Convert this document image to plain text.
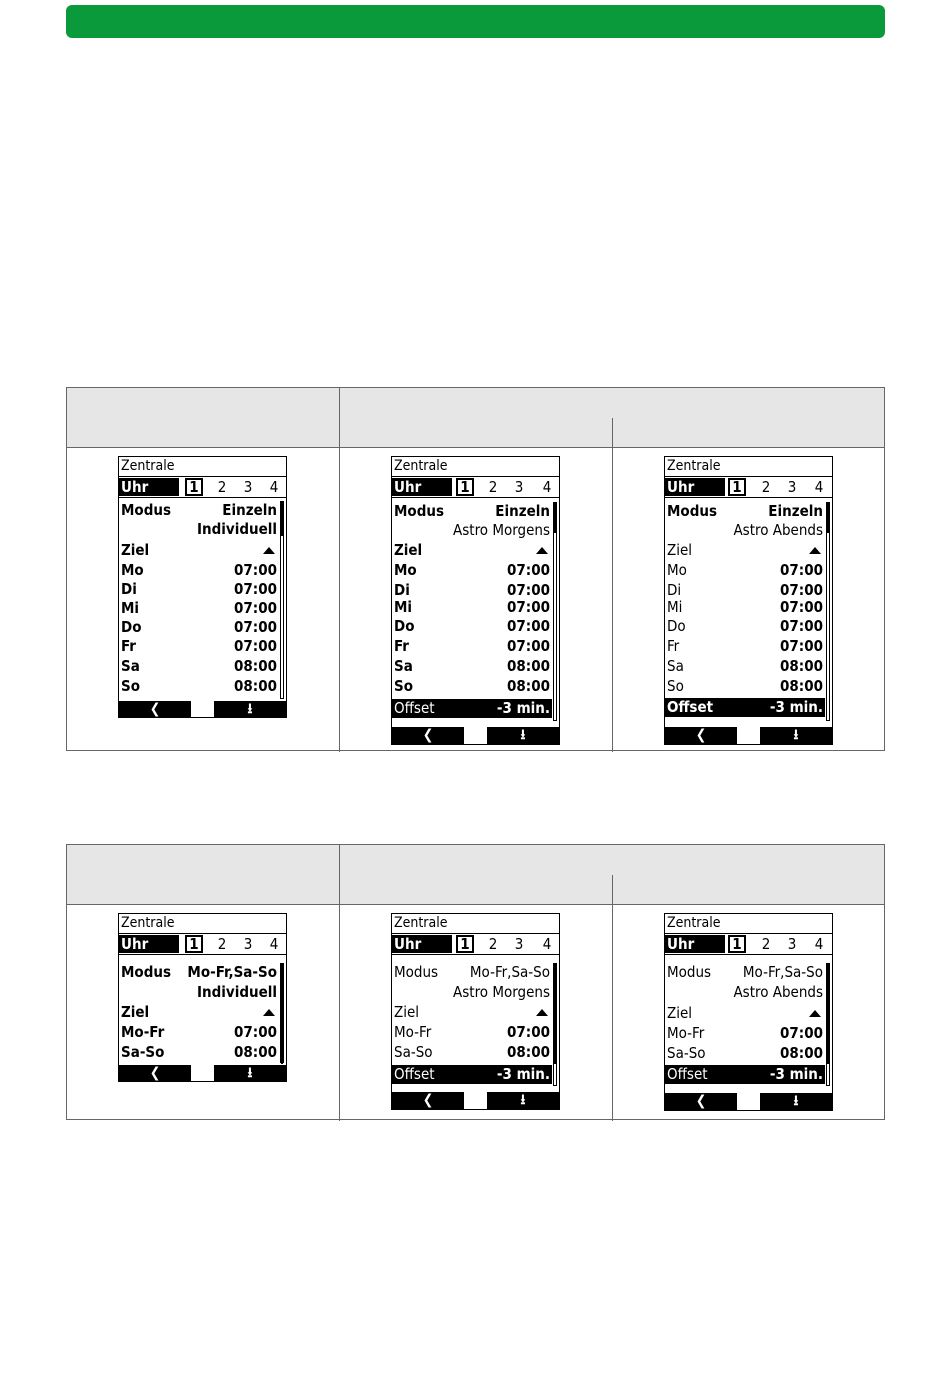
Zentrale
Uhr	1	2	3	4
Modus	Einzeln
Individuell
Ziel
Mo	07:00
Di	07:00
Mi	07:00
Do	07:00
Fr	07:00
Sa	08:00
So	08:00
❮	⭳
Zentrale
Uhr	1	2	3	4
Modus	Einzeln
Astro Morgens
Ziel
Mo	07:00
Di	07:00
Mi	07:00
Do	07:00
Fr	07:00
Sa	08:00
So	08:00
Offset	-3 min.
❮	⭳
Zentrale
Uhr	1	2	3	4
Modus	Einzeln
Astro Abends
Ziel
Mo	07:00
Di	07:00
Mi	07:00
Do	07:00
Fr	07:00
Sa	08:00
So	08:00
Offset	-3 min.
❮	⭳
Zentrale
Uhr	1	2	3	4
Modus Mo-Fr,Sa-So
Individuell
Ziel
Mo-Fr	07:00
Sa-So	08:00
❮	⭳
Zentrale
Uhr	1	2	3	4
Modus Mo-Fr,Sa-So
Astro Morgens
Ziel
Mo-Fr	07:00
Sa-So	08:00
Offset	-3 min.
❮	⭳
Zentrale
Uhr	1	2	3	4
Modus Mo-Fr,Sa-So
Astro Abends
Ziel
Mo-Fr	07:00
Sa-So	08:00
Offset	-3 min.
❮	⭳
